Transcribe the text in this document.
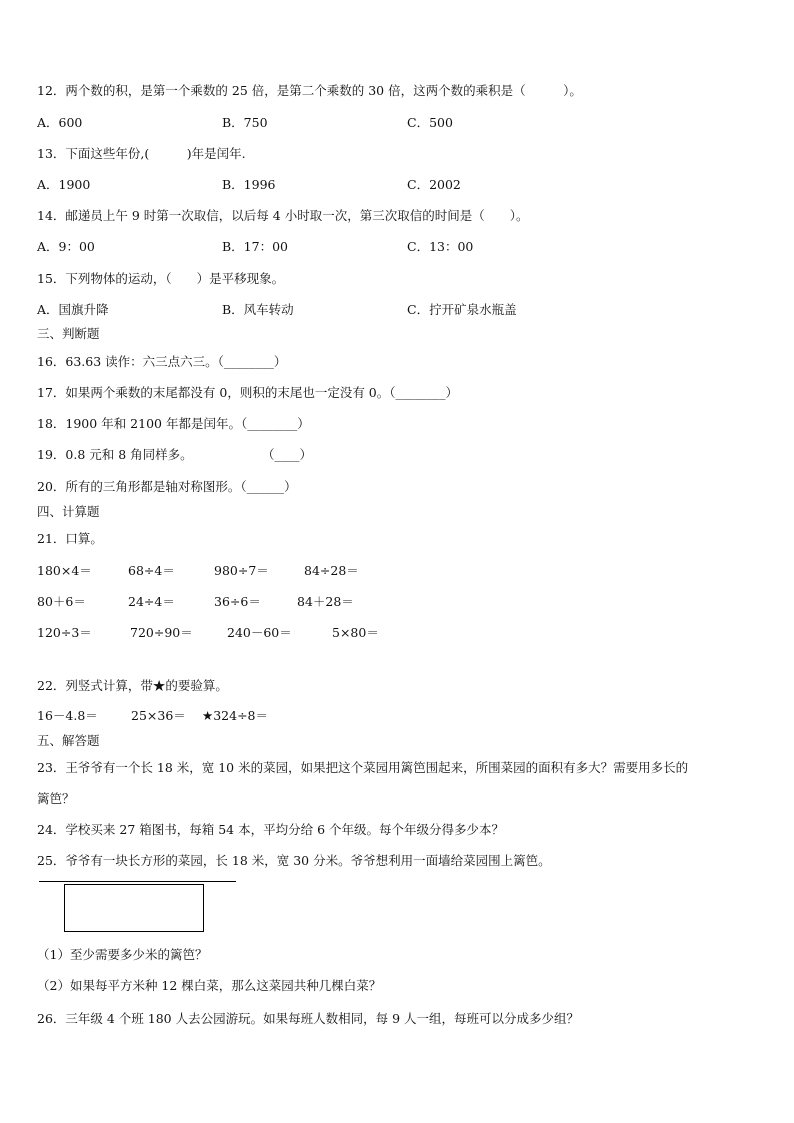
12．两个数的积，是第一个乘数的 25 倍，是第二个乘数的 30 倍，这两个数的乘积是（　　　）。
A．600	B．750	C．500
13．下面这些年份,(　　　)年是闰年.
A．1900	B．1996	C．2002
14．邮递员上午 9 时第一次取信，以后每 4 小时取一次，第三次取信的时间是（　　）。
A．9：00	B．17：00	C．13：00
15．下列物体的运动，（　　）是平移现象。
A．国旗升降	B．风车转动	C．拧开矿泉水瓶盖
三、判断题
16．63.63 读作：六三点六三。（________）
17．如果两个乘数的末尾都没有 0，则积的末尾也一定没有 0。（________）
18．1900 年和 2100 年都是闰年。（________）
19．0.8 元和 8 角同样多。	（____）
20．所有的三角形都是轴对称图形。（______）
四、计算题
21．口算。
180×4＝	68÷4＝	980÷7＝	84÷28＝
80＋6＝	24÷4＝	36÷6＝	84＋28＝
120÷3＝	720÷90＝	240－60＝	5×80＝
22．列竖式计算，带★的要验算。
16－4.8＝	25×36＝ ★324÷8＝
五、解答题
23．王爷爷有一个长 18 米，宽 10 米的菜园，如果把这个菜园用篱笆围起来，所围菜园的面积有多大？需要用多长的
篱笆？
24．学校买来 27 箱图书，每箱 54 本，平均分给 6 个年级。每个年级分得多少本？
25．爷爷有一块长方形的菜园，长 18 米，宽 30 分米。爷爷想利用一面墙给菜园围上篱笆。
（1）至少需要多少米的篱笆？
（2）如果每平方米种 12 棵白菜，那么这菜园共种几棵白菜？
26．三年级 4 个班 180 人去公园游玩。如果每班人数相同，每 9 人一组，每班可以分成多少组？
